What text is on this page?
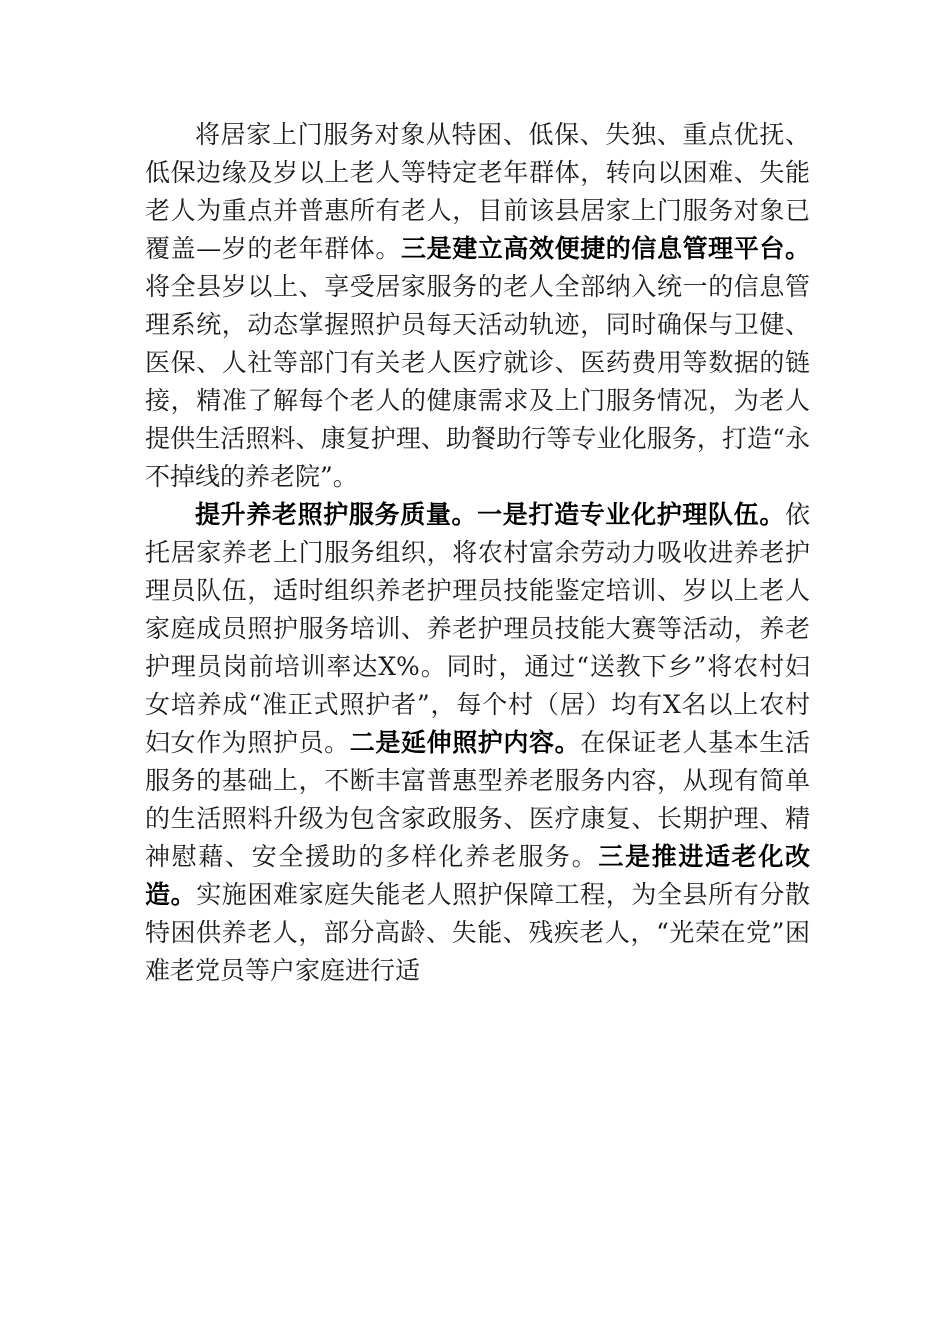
将居家上门服务对象从特困、低保、失独、重点优抚、低保边缘及岁以上老人等特定老年群体，转向以困难、失能老人为重点并普惠所有老人，目前该县居家上门服务对象已覆盖—岁的老年群体。三是建立高效便捷的信息管理平台。将全县岁以上、享受居家服务的老人全部纳入统一的信息管理系统，动态掌握照护员每天活动轨迹，同时确保与卫健、医保、人社等部门有关老人医疗就诊、医药费用等数据的链接，精准了解每个老人的健康需求及上门服务情况，为老人提供生活照料、康复护理、助餐助行等专业化服务，打造“永不掉线的养老院”。

提升养老照护服务质量。一是打造专业化护理队伍。依托居家养老上门服务组织，将农村富余劳动力吸收进养老护理员队伍，适时组织养老护理员技能鉴定培训、岁以上老人家庭成员照护服务培训、养老护理员技能大赛等活动，养老护理员岗前培训率达X%。同时，通过“送教下乡”将农村妇女培养成“准正式照护者”，每个村（居）均有X名以上农村妇女作为照护员。二是延伸照护内容。在保证老人基本生活服务的基础上，不断丰富普惠型养老服务内容，从现有简单的生活照料升级为包含家政服务、医疗康复、长期护理、精神慰藉、安全援助的多样化养老服务。三是推进适老化改造。实施困难家庭失能老人照护保障工程，为全县所有分散特困供养老人，部分高龄、失能、残疾老人，“光荣在党”困难老党员等户家庭进行适
